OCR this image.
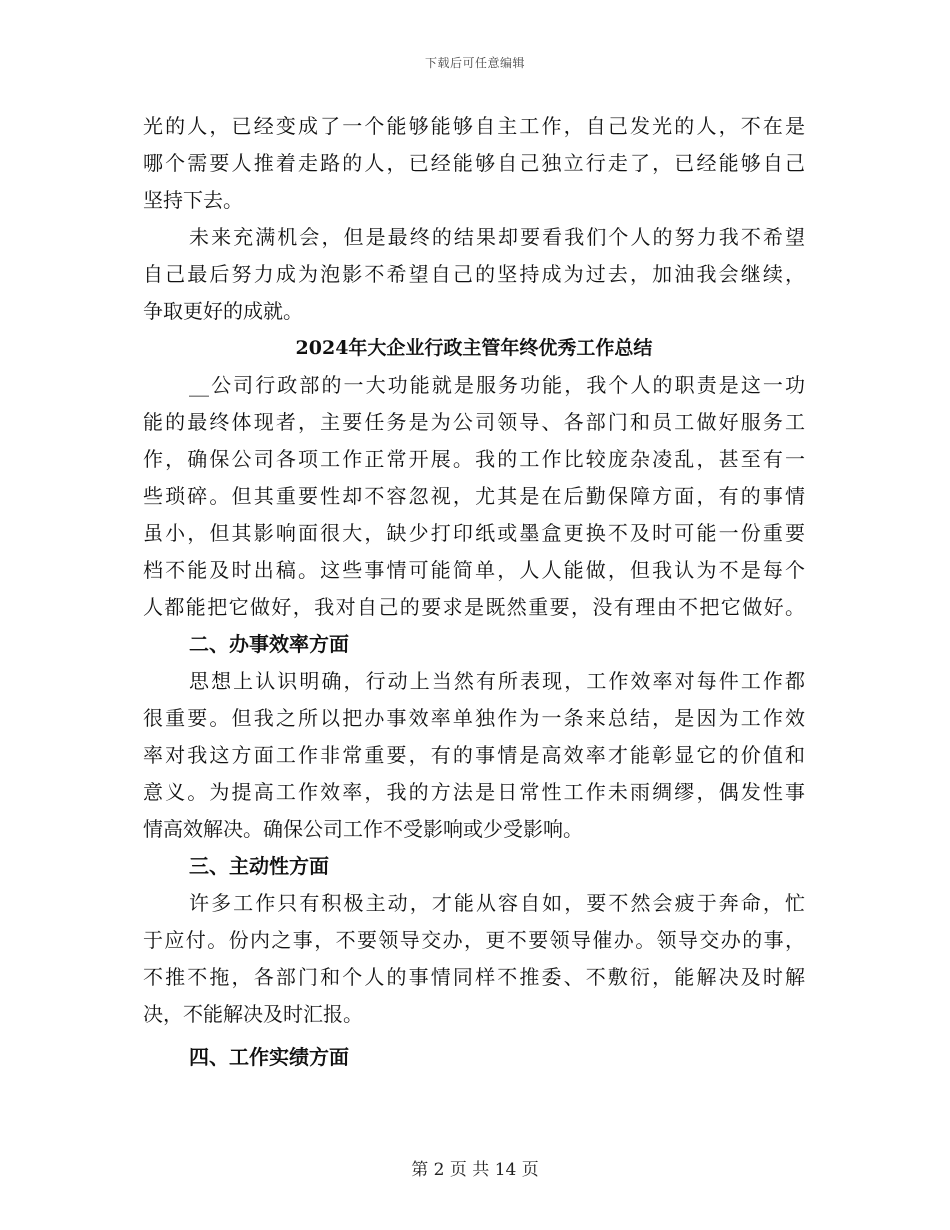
下载后可任意编辑
光的人，已经变成了一个能够能够自主工作，自己发光的人，不在是
哪个需要人推着走路的人，已经能够自己独立行走了，已经能够自己
坚持下去。
未来充满机会，但是最终的结果却要看我们个人的努力我不希望
自己最后努力成为泡影不希望自己的坚持成为过去，加油我会继续，
争取更好的成就。
2024年大企业行政主管年终优秀工作总结
__公司行政部的一大功能就是服务功能，我个人的职责是这一功
能的最终体现者，主要任务是为公司领导、各部门和员工做好服务工
作，确保公司各项工作正常开展。我的工作比较庞杂凌乱，甚至有一
些琐碎。但其重要性却不容忽视，尤其是在后勤保障方面，有的事情
虽小，但其影响面很大，缺少打印纸或墨盒更换不及时可能一份重要
档不能及时出稿。这些事情可能简单，人人能做，但我认为不是每个
人都能把它做好，我对自己的要求是既然重要，没有理由不把它做好。
二、办事效率方面
思想上认识明确，行动上当然有所表现，工作效率对每件工作都
很重要。但我之所以把办事效率单独作为一条来总结，是因为工作效
率对我这方面工作非常重要，有的事情是高效率才能彰显它的价值和
意义。为提高工作效率，我的方法是日常性工作未雨绸缪，偶发性事
情高效解决。确保公司工作不受影响或少受影响。
三、主动性方面
许多工作只有积极主动，才能从容自如，要不然会疲于奔命，忙
于应付。份内之事，不要领导交办，更不要领导催办。领导交办的事，
不推不拖，各部门和个人的事情同样不推委、不敷衍，能解决及时解
决，不能解决及时汇报。
四、工作实绩方面
第 2 页 共 14 页
